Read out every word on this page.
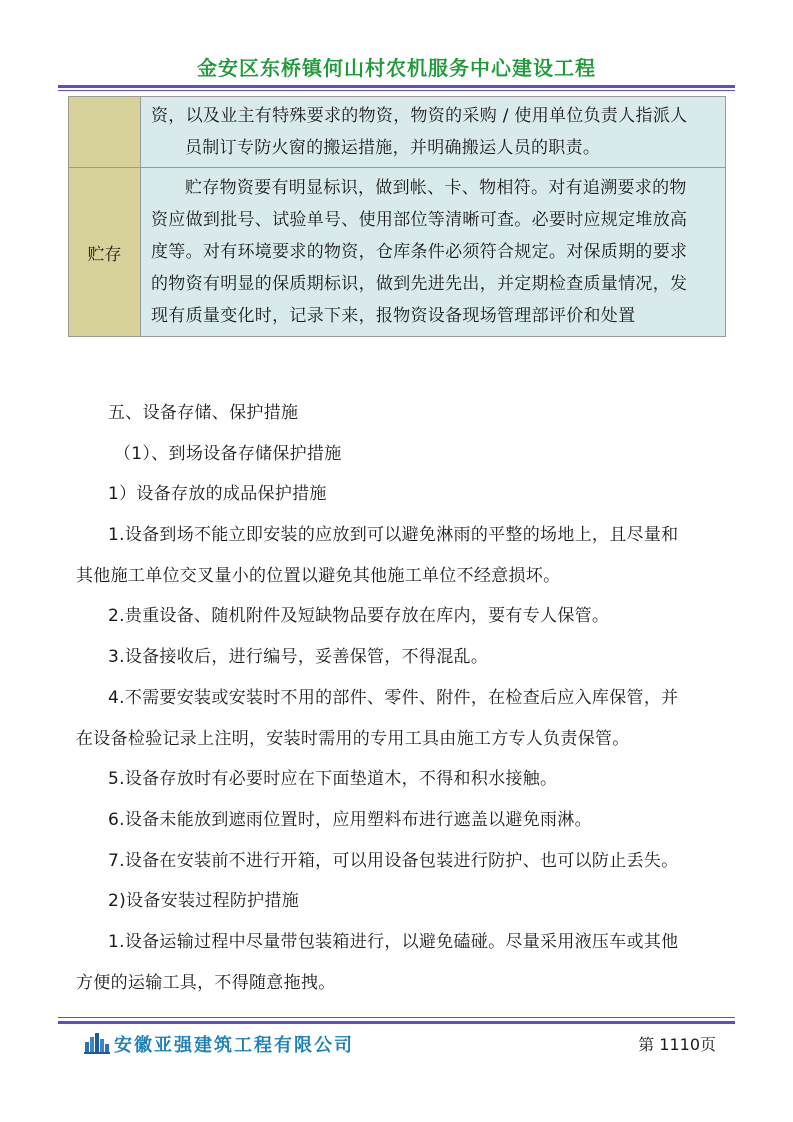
金安区东桥镇何山村农机服务中心建设工程

	资，以及业主有特殊要求的物资，物资的采购 / 使用单位负责人指派人
员制订专防火窗的搬运措施，并明确搬运人员的职责。

贮存	贮存物资要有明显标识，做到帐、卡、物相符。对有追溯要求的物
资应做到批号、试验单号、使用部位等清晰可查。必要时应规定堆放高
度等。对有环境要求的物资，仓库条件必须符合规定。对保质期的要求
的物资有明显的保质期标识，做到先进先出，并定期检查质量情况，发
现有质量变化时，记录下来，报物资设备现场管理部评价和处置
五、设备存储、保护措施
（1）、到场设备存储保护措施
1）设备存放的成品保护措施
1.设备到场不能立即安装的应放到可以避免淋雨的平整的场地上，且尽量和
其他施工单位交叉量小的位置以避免其他施工单位不经意损坏。
2.贵重设备、随机附件及短缺物品要存放在库内，要有专人保管。
3.设备接收后，进行编号，妥善保管，不得混乱。
4.不需要安装或安装时不用的部件、零件、附件，在检查后应入库保管，并
在设备检验记录上注明，安装时需用的专用工具由施工方专人负责保管。
5.设备存放时有必要时应在下面垫道木，不得和积水接触。
6.设备未能放到遮雨位置时，应用塑料布进行遮盖以避免雨淋。
7.设备在安装前不进行开箱，可以用设备包装进行防护、也可以防止丢失。
2)设备安装过程防护措施
1.设备运输过程中尽量带包装箱进行，以避免磕碰。尽量采用液压车或其他
方便的运输工具，不得随意拖拽。
安徽亚强建筑工程有限公司	第 1110页
